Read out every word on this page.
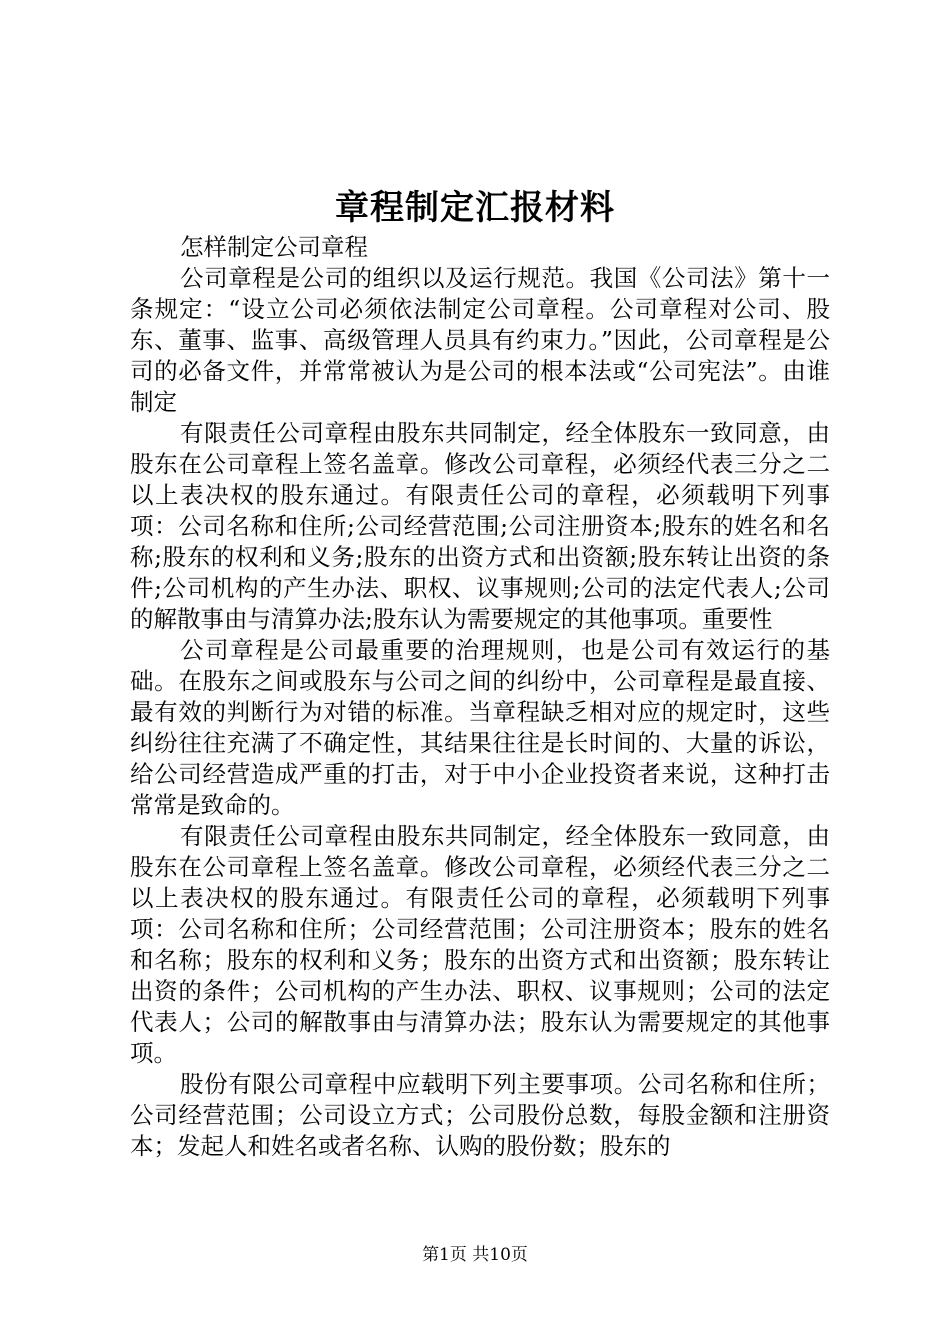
章程制定汇报材料

怎样制定公司章程

公司章程是公司的组织以及运行规范。我国《公司法》第十一条规定：“设立公司必须依法制定公司章程。公司章程对公司、股东、董事、监事、高级管理人员具有约束力。”因此，公司章程是公司的必备文件，并常常被认为是公司的根本法或“公司宪法”。由谁制定

有限责任公司章程由股东共同制定，经全体股东一致同意，由股东在公司章程上签名盖章。修改公司章程，必须经代表三分之二以上表决权的股东通过。有限责任公司的章程，必须载明下列事项：公司名称和住所;公司经营范围;公司注册资本;股东的姓名和名称;股东的权利和义务;股东的出资方式和出资额;股东转让出资的条件;公司机构的产生办法、职权、议事规则;公司的法定代表人;公司的解散事由与清算办法;股东认为需要规定的其他事项。重要性

公司章程是公司最重要的治理规则，也是公司有效运行的基础。在股东之间或股东与公司之间的纠纷中，公司章程是最直接、最有效的判断行为对错的标准。当章程缺乏相对应的规定时，这些纠纷往往充满了不确定性，其结果往往是长时间的、大量的诉讼，给公司经营造成严重的打击，对于中小企业投资者来说，这种打击常常是致命的。

有限责任公司章程由股东共同制定，经全体股东一致同意，由股东在公司章程上签名盖章。修改公司章程，必须经代表三分之二以上表决权的股东通过。有限责任公司的章程，必须载明下列事项：公司名称和住所；公司经营范围；公司注册资本；股东的姓名和名称；股东的权利和义务；股东的出资方式和出资额；股东转让出资的条件；公司机构的产生办法、职权、议事规则；公司的法定代表人；公司的解散事由与清算办法；股东认为需要规定的其他事项。

股份有限公司章程中应载明下列主要事项。公司名称和住所；公司经营范围；公司设立方式；公司股份总数，每股金额和注册资本；发起人和姓名或者名称、认购的股份数；股东的

第1页 共10页
